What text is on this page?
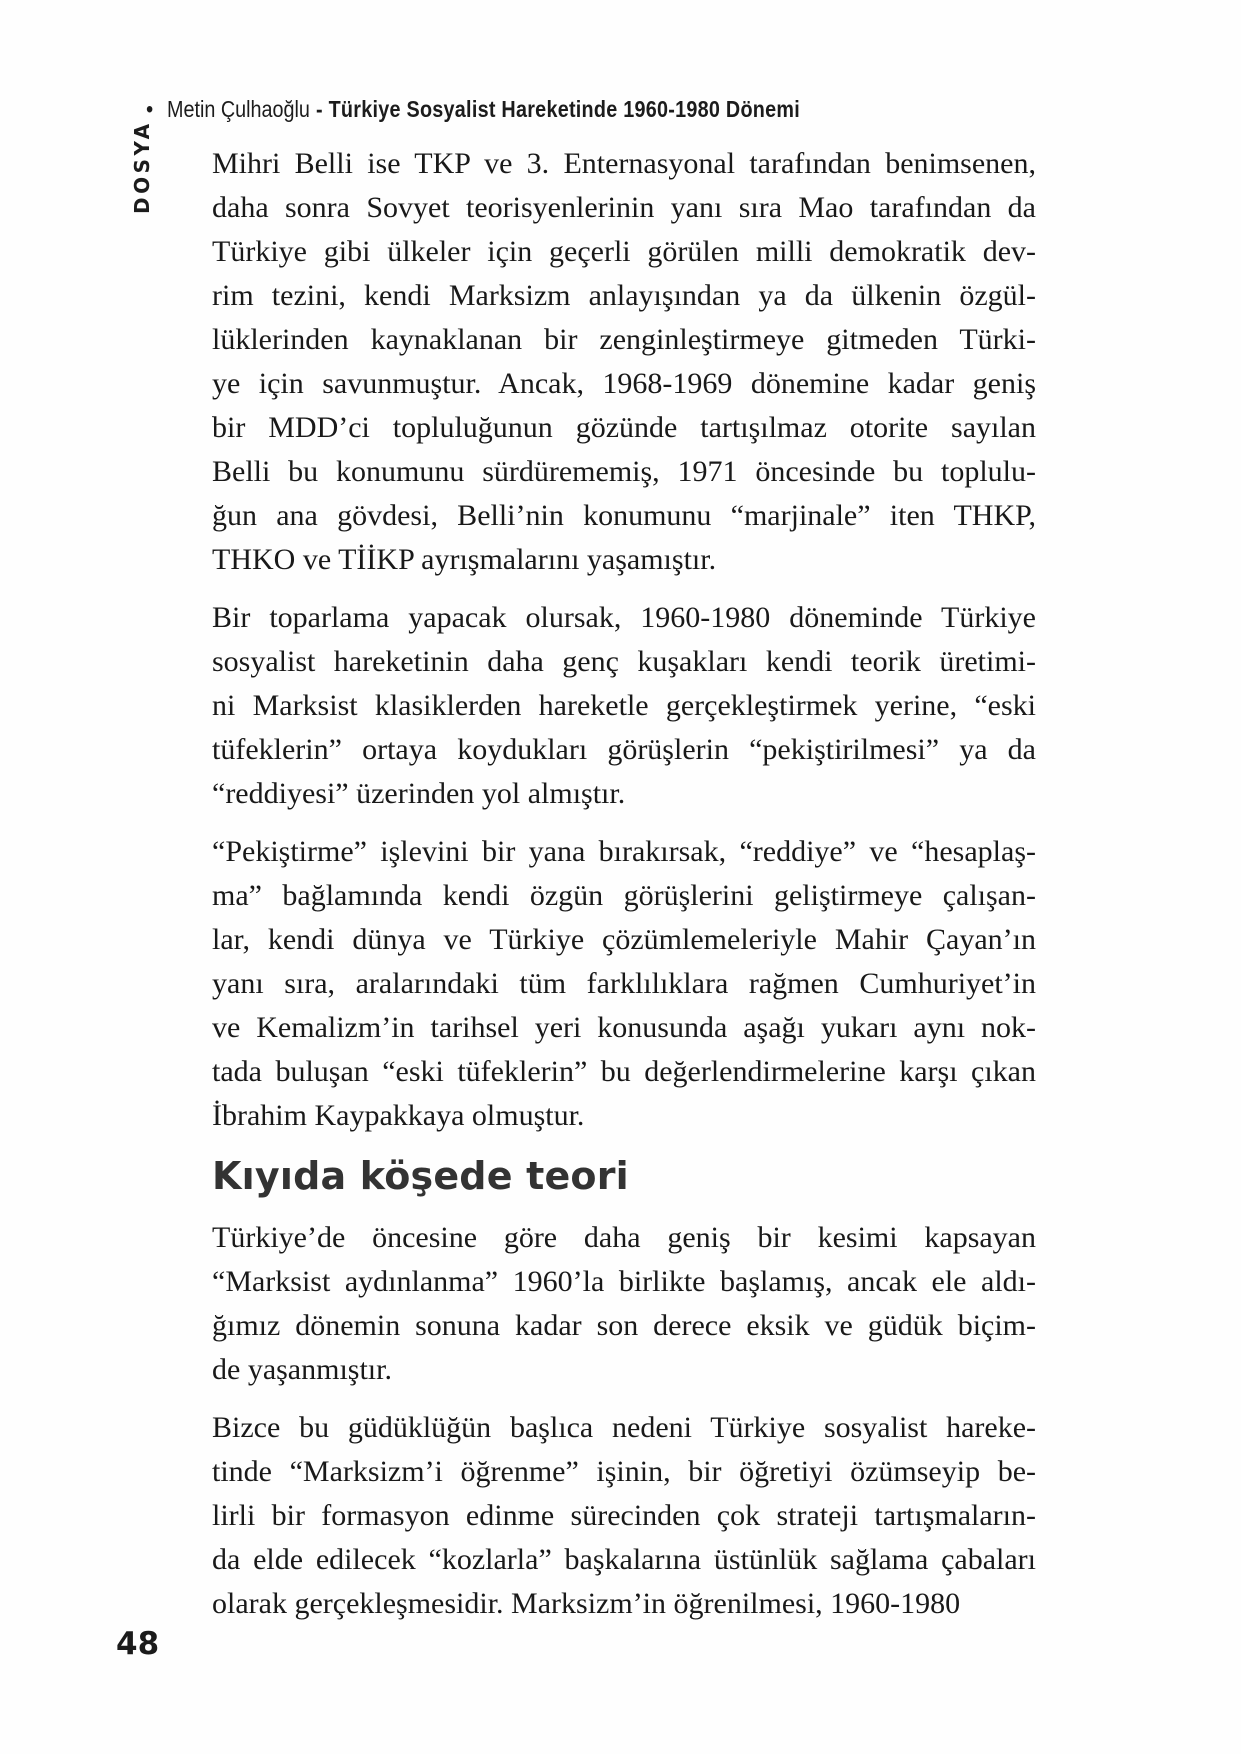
• Metin Çulhaoğlu - Türkiye Sosyalist Hareketinde 1960-1980 Dönemi
DOSYA Mihri Belli ise TKP ve 3. Enternasyonal tarafından benimsenen,
daha sonra Sovyet teorisyenlerinin yanı sıra Mao tarafından da
Türkiye gibi ülkeler için geçerli görülen milli demokratik dev-
rim tezini, kendi Marksizm anlayışından ya da ülkenin özgül-
lüklerinden kaynaklanan bir zenginleştirmeye gitmeden Türki-
ye için savunmuştur. Ancak, 1968-1969 dönemine kadar geniş
bir MDD’ci topluluğunun gözünde tartışılmaz otorite sayılan
Belli bu konumunu sürdürememiş, 1971 öncesinde bu toplulu-
ğun ana gövdesi, Belli’nin konumunu “marjinale” iten THKP,
THKO ve TİİKP ayrışmalarını yaşamıştır.
Bir toparlama yapacak olursak, 1960-1980 döneminde Türkiye
sosyalist hareketinin daha genç kuşakları kendi teorik üretimi-
ni Marksist klasiklerden hareketle gerçekleştirmek yerine, “eski
tüfeklerin” ortaya koydukları görüşlerin “pekiştirilmesi” ya da
“reddiyesi” üzerinden yol almıştır.
“Pekiştirme” işlevini bir yana bırakırsak, “reddiye” ve “hesaplaş-
ma” bağlamında kendi özgün görüşlerini geliştirmeye çalışan-
lar, kendi dünya ve Türkiye çözümlemeleriyle Mahir Çayan’ın
yanı sıra, aralarındaki tüm farklılıklara rağmen Cumhuriyet’in
ve Kemalizm’in tarihsel yeri konusunda aşağı yukarı aynı nok-
tada buluşan “eski tüfeklerin” bu değerlendirmelerine karşı çıkan
İbrahim Kaypakkaya olmuştur.
Kıyıda köşede teori
Türkiye’de öncesine göre daha geniş bir kesimi kapsayan
“Marksist aydınlanma” 1960’la birlikte başlamış, ancak ele aldı-
ğımız dönemin sonuna kadar son derece eksik ve güdük biçim-
de yaşanmıştır.
Bizce bu güdüklüğün başlıca nedeni Türkiye sosyalist hareke-
tinde “Marksizm’i öğrenme” işinin, bir öğretiyi özümseyip be-
lirli bir formasyon edinme sürecinden çok strateji tartışmaların-
da elde edilecek “kozlarla” başkalarına üstünlük sağlama çabaları
olarak gerçekleşmesidir. Marksizm’in öğrenilmesi, 1960-1980
48
